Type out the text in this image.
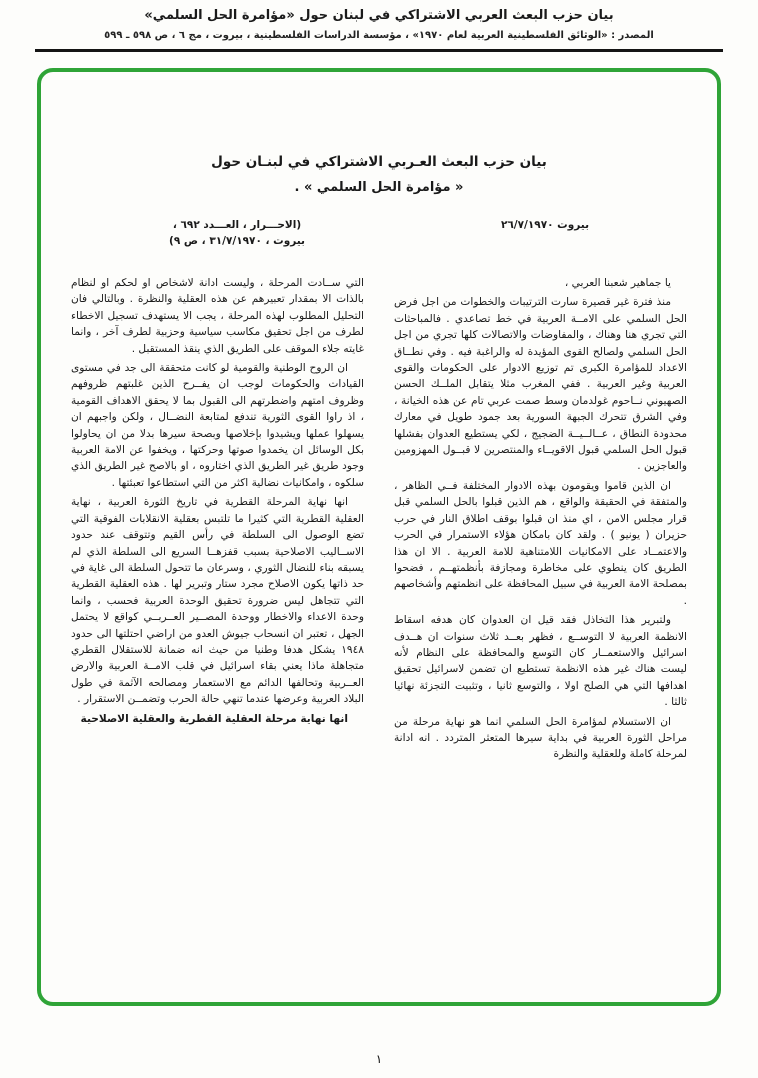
بيان حزب البعث العربي الاشتراكي في لبنان حول «مؤامرة الحل السلمي»
المصدر : «الوثائق الفلسطينية العربية لعام ١٩٧٠» ، مؤسسة الدراسات الفلسطينية ، بيروت ، مج ٦ ، ص ٥٩٨ ـ ٥٩٩
بيان حزب البعث العـربي الاشتراكي في لبنـان حول
« مؤامرة الحل السلمي » .
بيروت ٢٦/٧/١٩٧٠
(الاحـــرار ، العـــدد ٦٩٢ ،
بيروت ، ٣١/٧/١٩٧٠ ، ص ٩)

يا جماهير شعبنا العربي ،

منذ فترة غير قصيرة سارت الترتيبات والخطوات من اجل فرض الحل السلمي على الامــة العربية في خط تصاعدي . فالمباحثات التي تجري هنا وهناك ، والمفاوضات والاتصالات كلها تجري من اجل الحل السلمي ولصالح القوى المؤيدة له والراغبة فيه . وفي نطــاق الاعداد للمؤامرة الكبرى تم توزيع الادوار على الحكومات والقوى العربية وغير العربية . ففي المغرب مثلا يتقابل الملــك الحسن الصهيوني نــاحوم غولدمان وسط صمت عربي تام عن هذه الخيانة ، وفي الشرق تتحرك الجبهة السورية بعد جمود طويل في معارك محدودة النطاق ، عــالــيــة الضجيج ، لكي يستطيع العدوان بفشلها قبول الحل السلمي قبول الاقويــاء والمنتصرين لا قبــول المهزومين والعاجزين .

ان الذين قاموا ويقومون بهذه الادوار المختلفة فــي الظاهر ، والمتفقة في الحقيقة والواقع ، هم الذين قبلوا بالحل السلمي قبل قرار مجلس الامن ، اي منذ ان قبلوا بوقف اطلاق النار في حرب حزيران ( يونيو ) . ولقد كان بامكان هؤلاء الاستمرار في الحرب والاعتمــاد على الامكانيات اللامتناهية للامة العربية . الا ان هذا الطريق كان ينطوي على مخاطرة ومجازفة بأنظمتهــم ، فضحوا بمصلحة الامة العربية في سبيل المحافظة على انظمتهم وأشخاصهم .

ولتبرير هذا التخاذل فقد قيل ان العدوان كان هدفه اسقاط الانظمة العربية لا التوســع ، فظهر بعــد ثلاث سنوات ان هــدف اسرائيل والاستعمــار كان التوسع والمحافظة على النظام لأنه ليست هناك غير هذه الانظمة تستطيع ان تضمن لاسرائيل تحقيق اهدافها التي هي الصلح اولا ، والتوسع ثانيا ، وتثبيت التجزئة نهائيا ثالثا .

ان الاستسلام لمؤامرة الحل السلمي انما هو نهاية مرحلة من مراحل الثورة العربية في بداية سيرها المتعثر المتردد . انه ادانة لمرحلة كاملة وللعقلية والنظرة

التي ســادت المرحلة ، وليست ادانة لاشخاص او لحكم او لنظام بالذات الا بمقدار تعبيرهم عن هذه العقلية والنظرة . وبالتالي فان التحليل المطلوب لهذه المرحلة ، يجب الا يستهدف تسجيل الاخطاء لطرف من اجل تحقيق مكاسب سياسية وحزبية لطرف آخر ، وانما غايته جلاء الموقف على الطريق الذي ينقذ المستقبل .

ان الروح الوطنية والقومية لو كانت متحققة الى جد في مستوى القيادات والحكومات لوجب ان يفــرح الذين غلبتهم ظروفهم وظروف امتهم واضطرتهم الى القبول بما لا يحقق الاهداف القومية ، اذ راوا القوى الثورية تندفع لمتابعة النضــال ، ولكن واجبهم ان يسهلوا عملها ويشيدوا بإخلاصها وبصحة سيرها بدلا من ان يحاولوا بكل الوسائل ان يخمدوا صوتها وحركتها ، ويخفوا عن الامة العربية وجود طريق غير الطريق الذي اختاروه ، او بالاصح غير الطريق الذي سلكوه ، وامكانيات نضالية اكثر من التي استطاعوا تعبئتها .

انها نهاية المرحلة القطرية في تاريخ الثورة العربية ، نهاية العقلية القطرية التي كثيرا ما تلتبس بعقلية الانقلابات الفوقية التي تضع الوصول الى السلطة في رأس القيم وتتوقف عند حدود الاســاليب الاصلاحية بسبب قفزهــا السريع الى السلطة الذي لم يسبقه بناء للنضال الثوري ، وسرعان ما تتحول السلطة الى غاية في حد ذاتها يكون الاصلاح مجرد ستار وتبرير لها . هذه العقلية القطرية التي تتجاهل ليس ضرورة تحقيق الوحدة العربية فحسب ، وانما وحدة الاعداء والاخطار ووحدة المصــير العــربــي كواقع لا يحتمل الجهل ، تعتبر ان انسحاب جيوش العدو من اراضي احتلتها الى حدود ١٩٤٨ يشكل هدفا وطنيا من حيث انه ضمانة للاستقلال القطري متجاهلة ماذا يعني بقاء اسرائيل في قلب الامــة العربية والارض العــربية وتحالفها الدائم مع الاستعمار ومصالحه الآثمة في طول البلاد العربية وعرضها عندما تنهي حالة الحرب وتضمــن الاستقرار .

انها نهاية مرحلة العقلية القطرية والعقلية الاصلاحية

١
